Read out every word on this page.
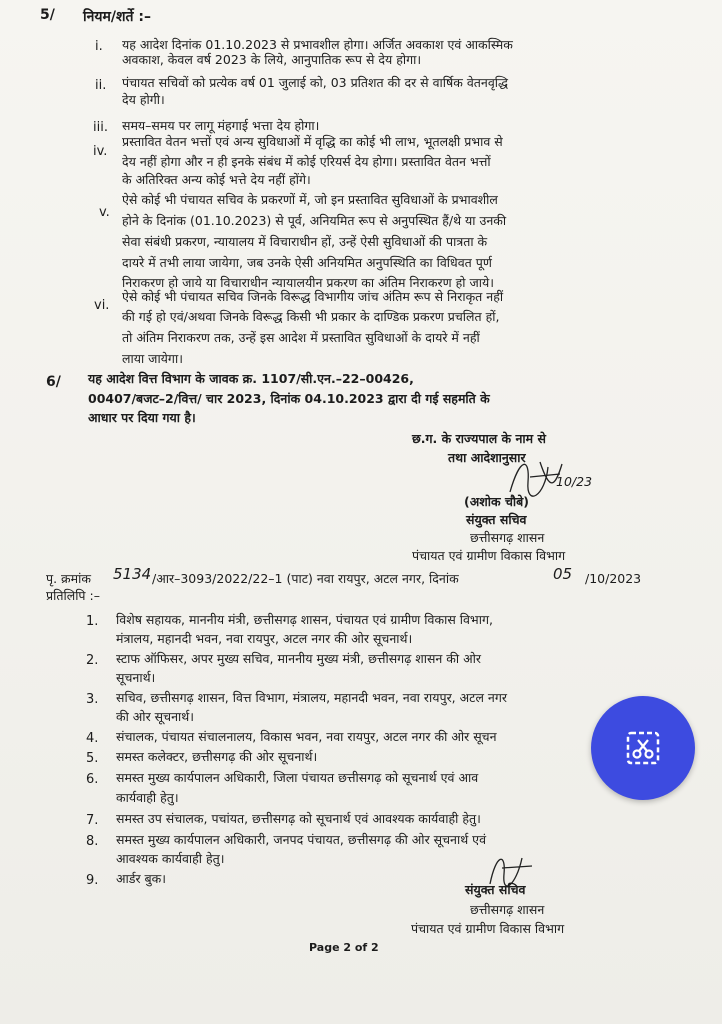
5/ नियम/शर्ते :–
i. यह आदेश दिनांक 01.10.2023 से प्रभावशील होगा। अर्जित अवकाश एवं आकस्मिक
अवकाश, केवल वर्ष 2023 के लिये, आनुपातिक रूप से देय होगा।
ii. पंचायत सचिवों को प्रत्येक वर्ष 01 जुलाई को, 03 प्रतिशत की दर से वार्षिक वेतनवृद्धि
देय होगी।
iii. समय–समय पर लागू मंहगाई भत्ता देय होगा।
iv.
प्रस्तावित वेतन भत्तों एवं अन्य सुविधाओं में वृद्धि का कोई भी लाभ, भूतलक्षी प्रभाव से
देय नहीं होगा और न ही इनके संबंध में कोई एरियर्स देय होगा। प्रस्तावित वेतन भत्तों
के अतिरिक्त अन्य कोई भत्ते देय नहीं होंगे।
v.
ऐसे कोई भी पंचायत सचिव के प्रकरणों में, जो इन प्रस्तावित सुविधाओं के प्रभावशील
होने के दिनांक (01.10.2023) से पूर्व, अनियमित रूप से अनुपस्थित हैं/थे या उनकी
सेवा संबंधी प्रकरण, न्यायालय में विचाराधीन हों, उन्हें ऐसी सुविधाओं की पात्रता के
दायरे में तभी लाया जायेगा, जब उनके ऐसी अनियमित अनुपस्थिति का विधिवत पूर्ण
निराकरण हो जाये या विचाराधीन न्यायालयीन प्रकरण का अंतिम निराकरण हो जाये।
vi.
ऐसे कोई भी पंचायत सचिव जिनके विरूद्ध विभागीय जांच अंतिम रूप से निराकृत नहीं
की गई हो एवं/अथवा जिनके विरूद्ध किसी भी प्रकार के दाण्डिक प्रकरण प्रचलित हों,
तो अंतिम निराकरण तक, उन्हें इस आदेश में प्रस्तावित सुविधाओं के दायरे में नहीं
लाया जायेगा।
6/ यह आदेश वित्त विभाग के जावक क्र. 1107/सी.एन.–22–00426,
00407/बजट–2/वित्त/ चार 2023, दिनांक 04.10.2023 द्वारा दी गई सहमति के
आधार पर दिया गया है।
छ.ग. के राज्यपाल के नाम से
तथा आदेशानुसार
10/23
(अशोक चौबे)
संयुक्त सचिव
छत्तीसगढ़ शासन
पंचायत एवं ग्रामीण विकास विभाग
पृ. क्रमांक 5134 /आर–3093/2022/22–1 (पाट) नवा रायपुर, अटल नगर, दिनांक	05 /10/2023
प्रतिलिपि :–
1. विशेष सहायक, माननीय मंत्री, छत्तीसगढ़ शासन, पंचायत एवं ग्रामीण विकास विभाग,
मंत्रालय, महानदी भवन, नवा रायपुर, अटल नगर की ओर सूचनार्थ।
2. स्टाफ ऑफिसर, अपर मुख्य सचिव, माननीय मुख्य मंत्री, छत्तीसगढ़ शासन की ओर
सूचनार्थ।
3. सचिव, छत्तीसगढ़ शासन, वित्त विभाग, मंत्रालय, महानदी भवन, नवा रायपुर, अटल नगर
की ओर सूचनार्थ।
4. संचालक, पंचायत संचालनालय, विकास भवन, नवा रायपुर, अटल नगर की ओर सूचन
5. समस्त कलेक्टर, छत्तीसगढ़ की ओर सूचनार्थ।
6. समस्त मुख्य कार्यपालन अधिकारी, जिला पंचायत छत्तीसगढ़ को सूचनार्थ एवं आव
कार्यवाही हेतु।
7. समस्त उप संचालक, पचांयत, छत्तीसगढ़ को सूचनार्थ एवं आवश्यक कार्यवाही हेतु।
8. समस्त मुख्य कार्यपालन अधिकारी, जनपद पंचायत, छत्तीसगढ़ की ओर सूचनार्थ एवं
आवश्यक कार्यवाही हेतु।
9. आर्डर बुक।
संयुक्त सचिव
छत्तीसगढ़ शासन
पंचायत एवं ग्रामीण विकास विभाग
Page 2 of 2
